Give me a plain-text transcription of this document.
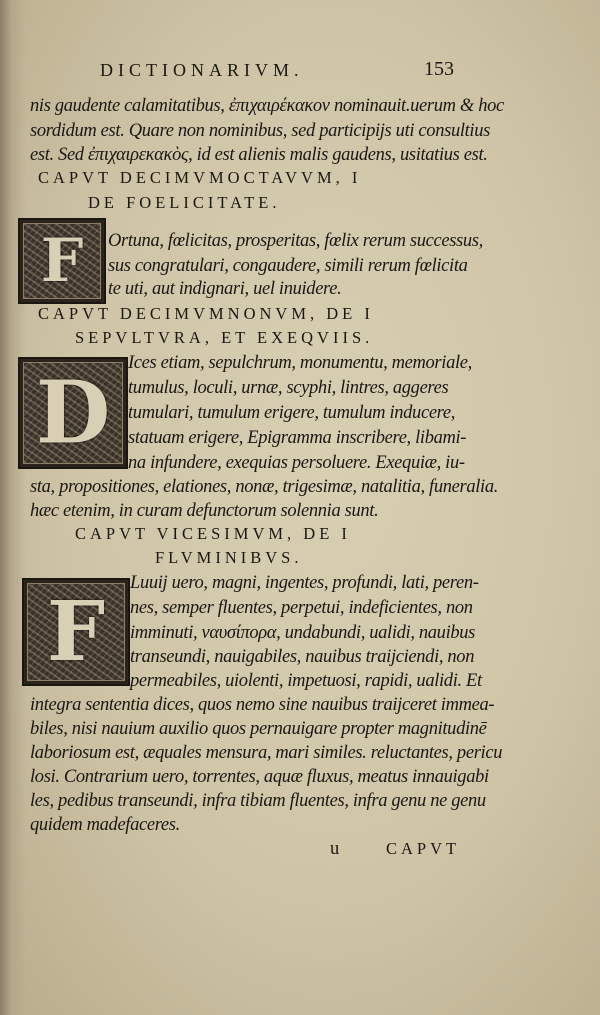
DICTIONARIVM.	153
nis gaudente calamitatibus, ἐπιχαιρέκακον nominauit.uerum & hoc
sordidum est. Quare non nominibus, sed participijs uti consultius
est. Sed ἐπιχαιρεκακὸς, id est alienis malis gaudens, usitatius est.
CAPVT DECIMVMOCTAVVM, I
DE FOELICITATE.
F	Ortuna, fœlicitas, prosperitas, fœlix rerum successus,
sus congratulari, congaudere, simili rerum fœlicita
te uti, aut indignari, uel inuidere.
CAPVT DECIMVMNONVM, DE I
SEPVLTVRA, ET EXEQVIIS.
D Ices etiam, sepulchrum, monumentu, memoriale,
tumulus, loculi, urnæ, scyphi, lintres, aggeres
tumulari, tumulum erigere, tumulum inducere,
statuam erigere, Epigramma inscribere, libami-
na infundere, exequias persoluere. Exequiæ, iu-
sta, propositiones, elationes, nonæ, trigesimæ, natalitia, funeralia.
hæc etenim, in curam defunctorum solennia sunt.
CAPVT VICESIMVM, DE I
FLVMINIBVS.
F
Luuij uero, magni, ingentes, profundi, lati, peren-
nes, semper fluentes, perpetui, indeficientes, non
imminuti, ναυσίπορα, undabundi, ualidi, nauibus
transeundi, nauigabiles, nauibus traijciendi, non
permeabiles, uiolenti, impetuosi, rapidi, ualidi. Et
integra sententia dices, quos nemo sine nauibus traijceret immea-
biles, nisi nauium auxilio quos pernauigare propter magnitudinē
laboriosum est, æquales mensura, mari similes. reluctantes, pericu
losi. Contrarium uero, torrentes, aquæ fluxus, meatus innauigabi
les, pedibus transeundi, infra tibiam fluentes, infra genu ne genu
quidem madefaceres.
u	CAPVT
